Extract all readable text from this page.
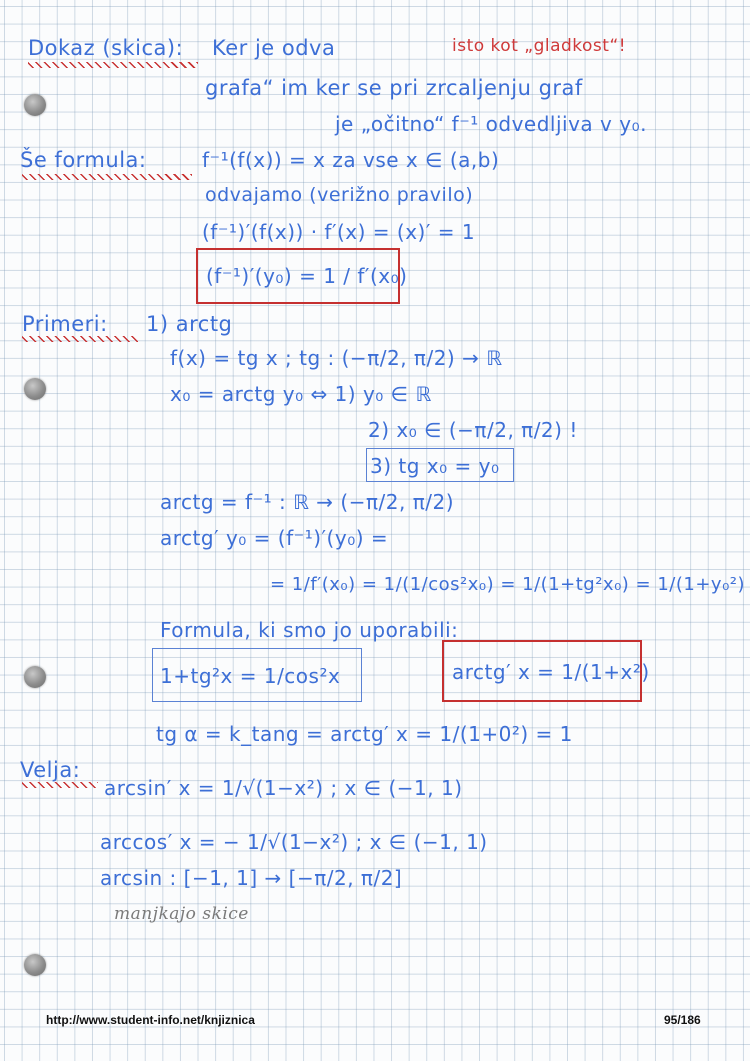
Dokaz (skica): Ker je odva	isto kot „gladkost“!
grafa“ im ker se pri zrcaljenju graf
je „očitno“ f⁻¹ odvedljiva v y₀.
Še formula:	f⁻¹(f(x)) = x za vse x ∈ (a,b)
odvajamo (verižno pravilo)
(f⁻¹)′(f(x)) · f′(x) = (x)′ = 1
(f⁻¹)′(y₀) = 1 / f′(x₀)
Primeri: 1) arctg
f(x) = tg x ; tg : (−π/2, π/2) → ℝ
x₀ = arctg y₀ ⇔ 1) y₀ ∈ ℝ
2) x₀ ∈ (−π/2, π/2) !
3) tg x₀ = y₀
arctg = f⁻¹ : ℝ → (−π/2, π/2)
arctg′ y₀ = (f⁻¹)′(y₀) =
= 1/f′(x₀) = 1/(1/cos²x₀) = 1/(1+tg²x₀) = 1/(1+y₀²)
Formula, ki smo jo uporabili:
1+tg²x = 1/cos²x	arctg′ x = 1/(1+x²)
tg α = k_tang = arctg′ x = 1/(1+0²) = 1
Velja:
arcsin′ x = 1/√(1−x²) ; x ∈ (−1, 1)
arccos′ x = − 1/√(1−x²) ; x ∈ (−1, 1)
arcsin : [−1, 1] → [−π/2, π/2]
manjkajo skice
http://www.student-info.net/knjiznica	95/186
